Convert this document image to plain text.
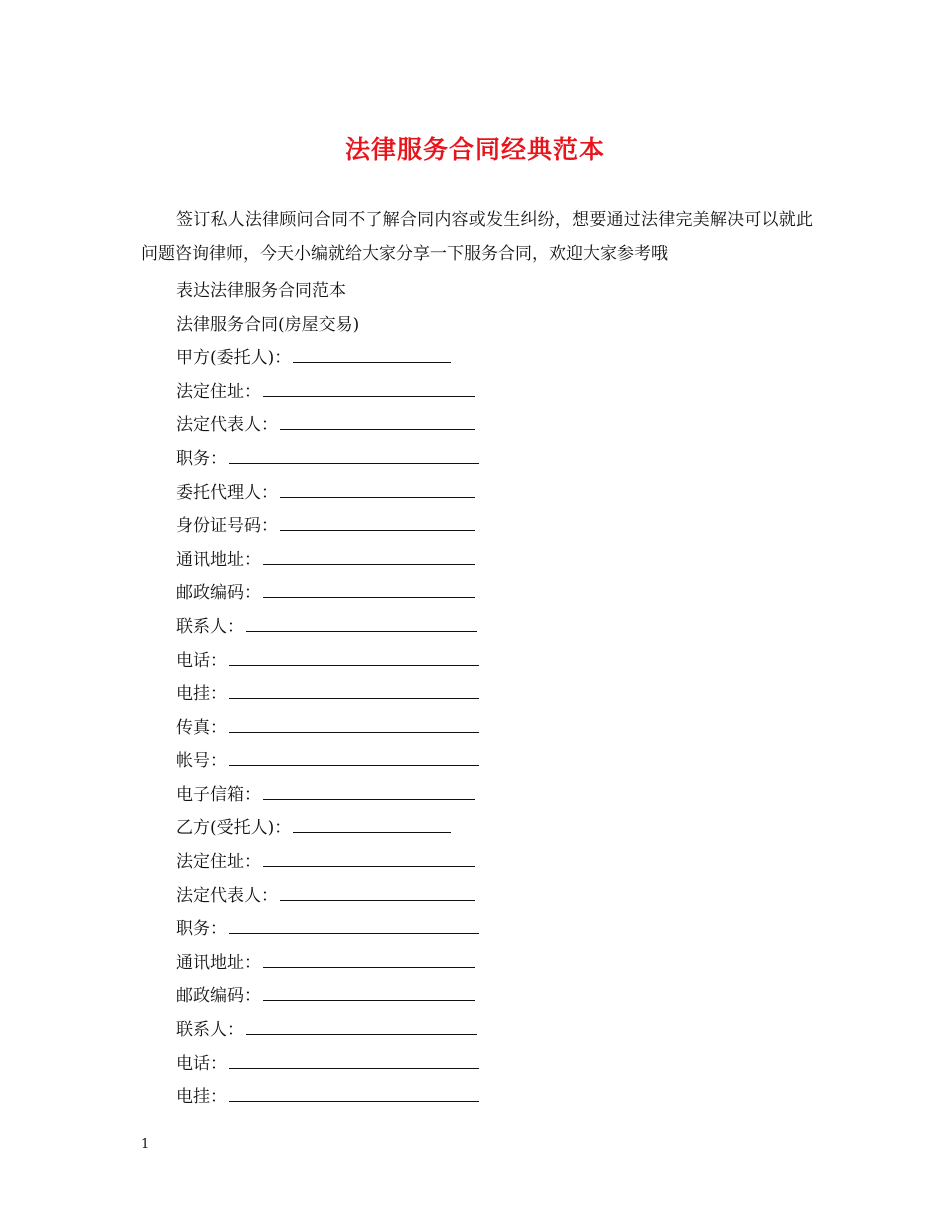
法律服务合同经典范本

签订私人法律顾问合同不了解合同内容或发生纠纷，想要通过法律完美解决可以就此问题咨询律师，今天小编就给大家分享一下服务合同，欢迎大家参考哦

表达法律服务合同范本

法律服务合同(房屋交易)

甲方(委托人)：

法定住址：

法定代表人：

职务：

委托代理人：

身份证号码：

通讯地址：

邮政编码：

联系人：

电话：

电挂：

传真：

帐号：

电子信箱：

乙方(受托人)：

法定住址：

法定代表人：

职务：

通讯地址：

邮政编码：

联系人：

电话：

电挂：

1
